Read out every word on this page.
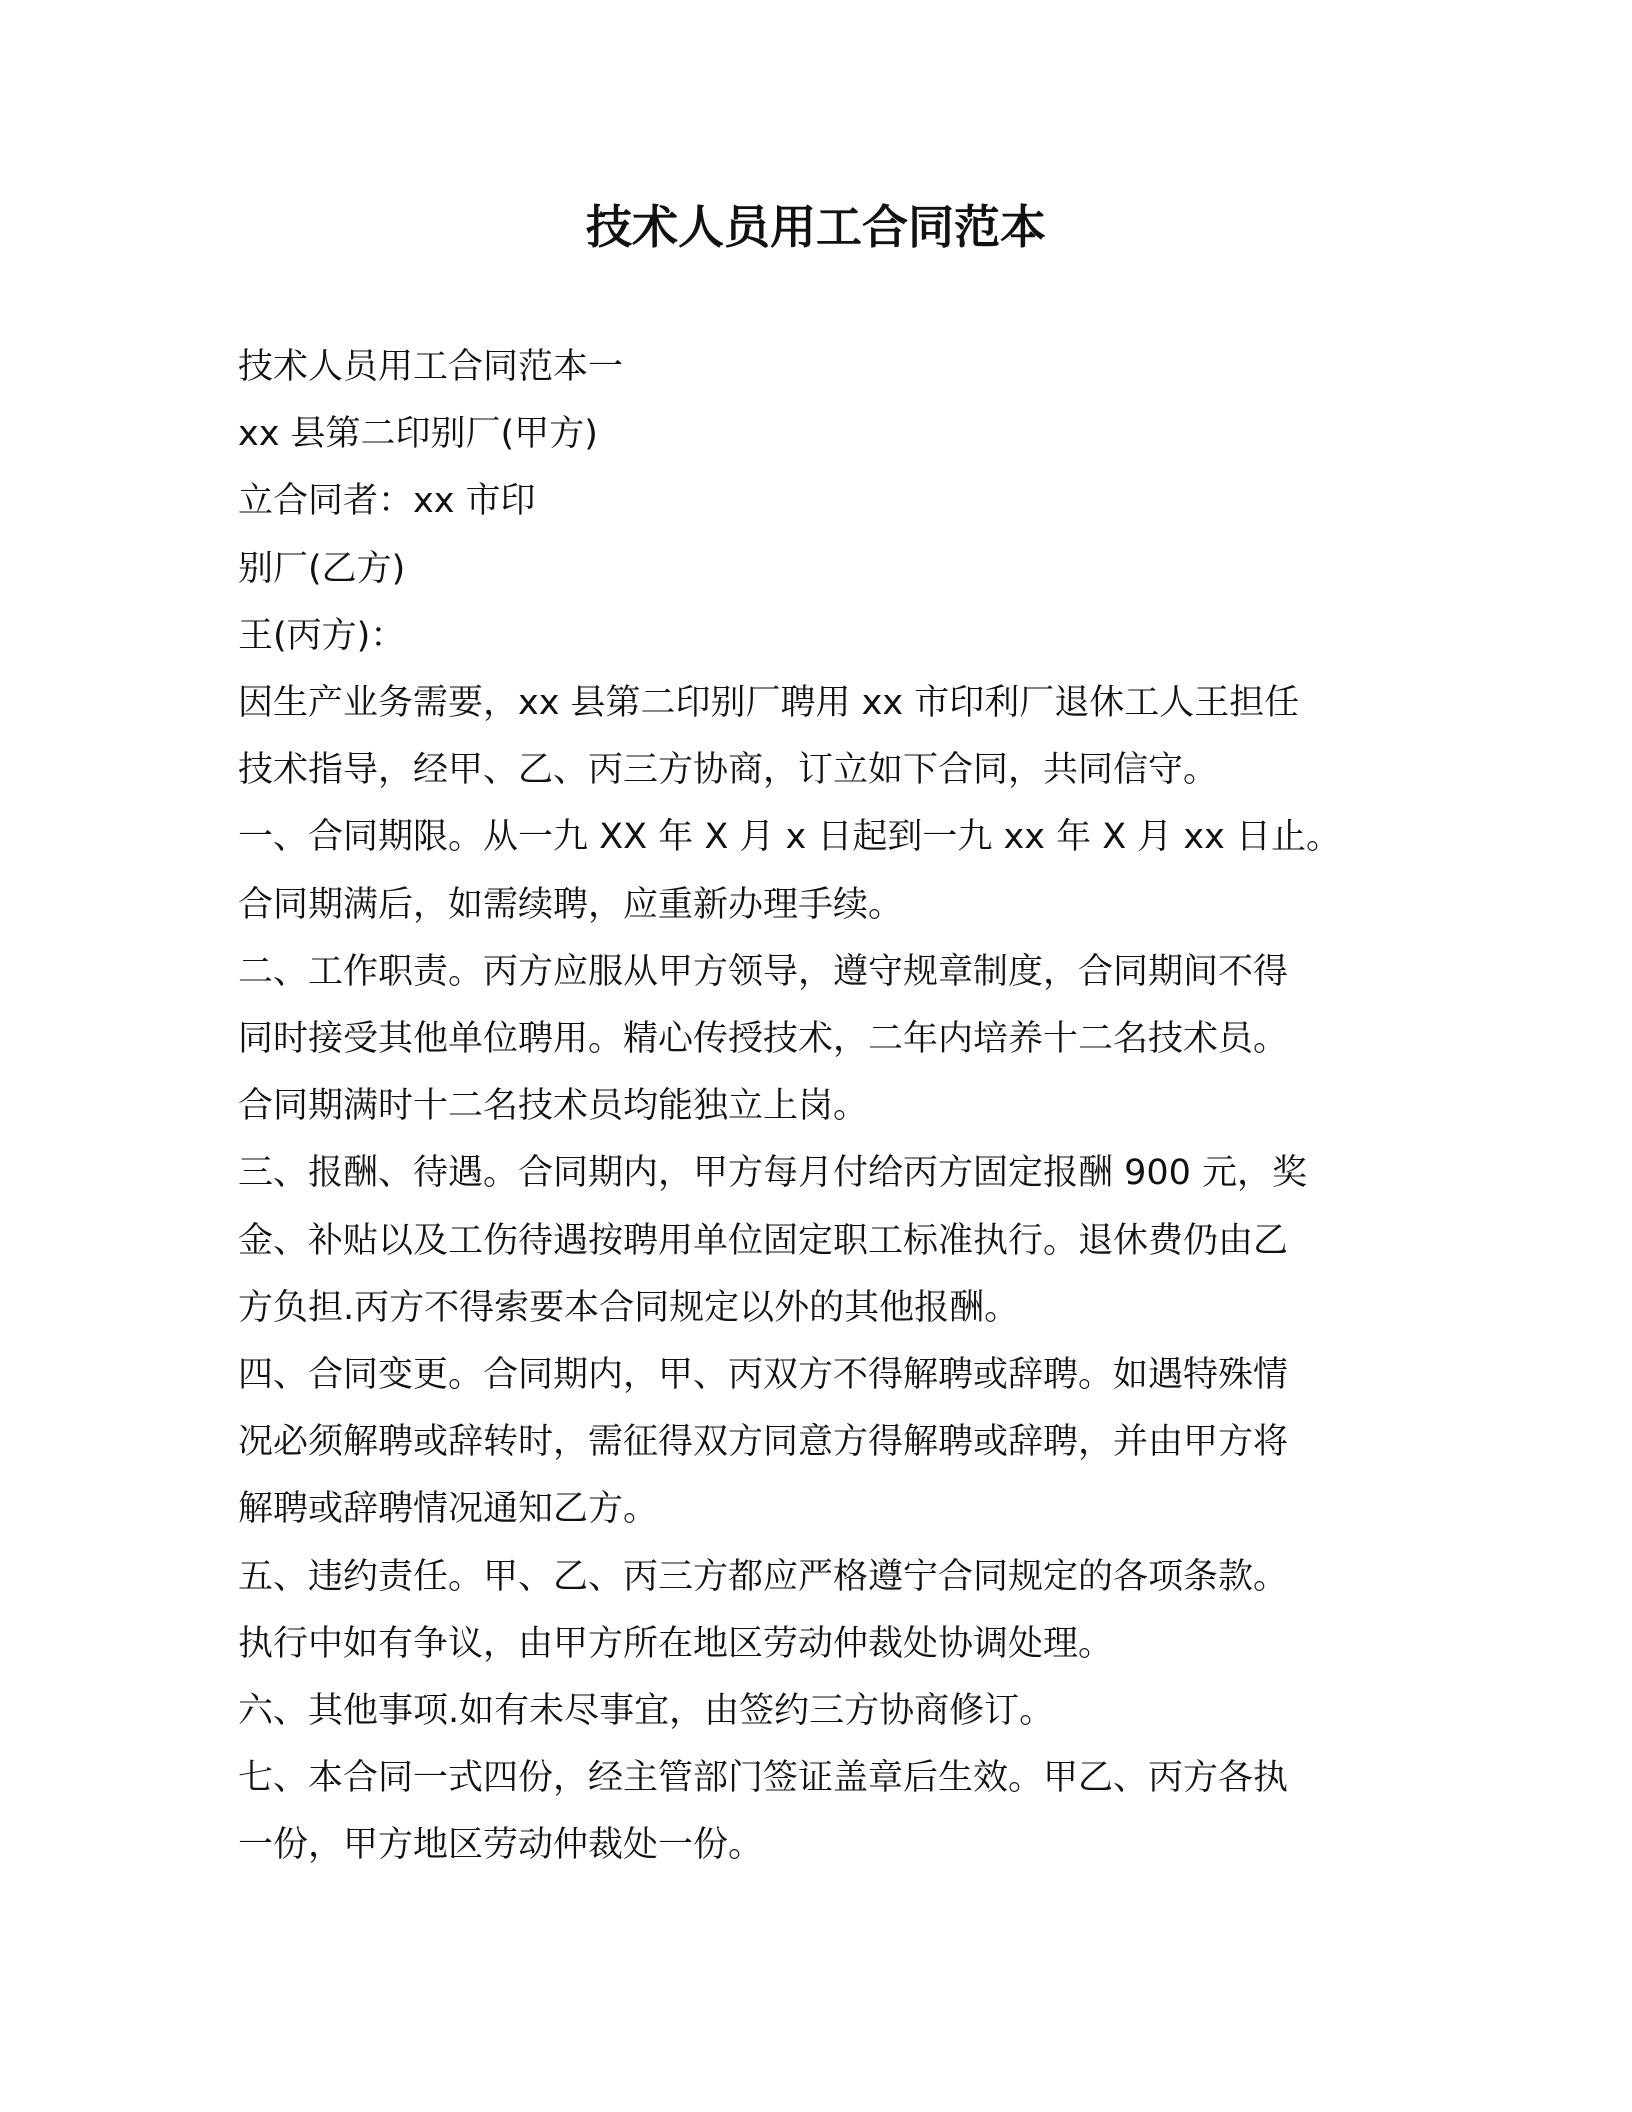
技术人员用工合同范本

技术人员用工合同范本一

xx 县第二印别厂(甲方)

立合同者：xx 市印

别厂(乙方)

王(丙方)：

因生产业务需要，xx 县第二印别厂聘用 xx 市印利厂退休工人王担任

技术指导，经甲、乙、丙三方协商，订立如下合同，共同信守。

一、合同期限。从一九 XX 年 X 月 x 日起到一九 xx 年 X 月 xx 日止。

合同期满后，如需续聘，应重新办理手续。

二、工作职责。丙方应服从甲方领导，遵守规章制度，合同期间不得

同时接受其他单位聘用。精心传授技术，二年内培养十二名技术员。

合同期满时十二名技术员均能独立上岗。

三、报酬、待遇。合同期内，甲方每月付给丙方固定报酬 900 元，奖

金、补贴以及工伤待遇按聘用单位固定职工标准执行。退休费仍由乙

方负担.丙方不得索要本合同规定以外的其他报酬。

四、合同变更。合同期内，甲、丙双方不得解聘或辞聘。如遇特殊情

况必须解聘或辞转时，需征得双方同意方得解聘或辞聘，并由甲方将

解聘或辞聘情况通知乙方。

五、违约责任。甲、乙、丙三方都应严格遵宁合同规定的各项条款。

执行中如有争议，由甲方所在地区劳动仲裁处协调处理。

六、其他事项.如有未尽事宜，由签约三方协商修订。

七、本合同一式四份，经主管部门签证盖章后生效。甲乙、丙方各执

一份，甲方地区劳动仲裁处一份。
